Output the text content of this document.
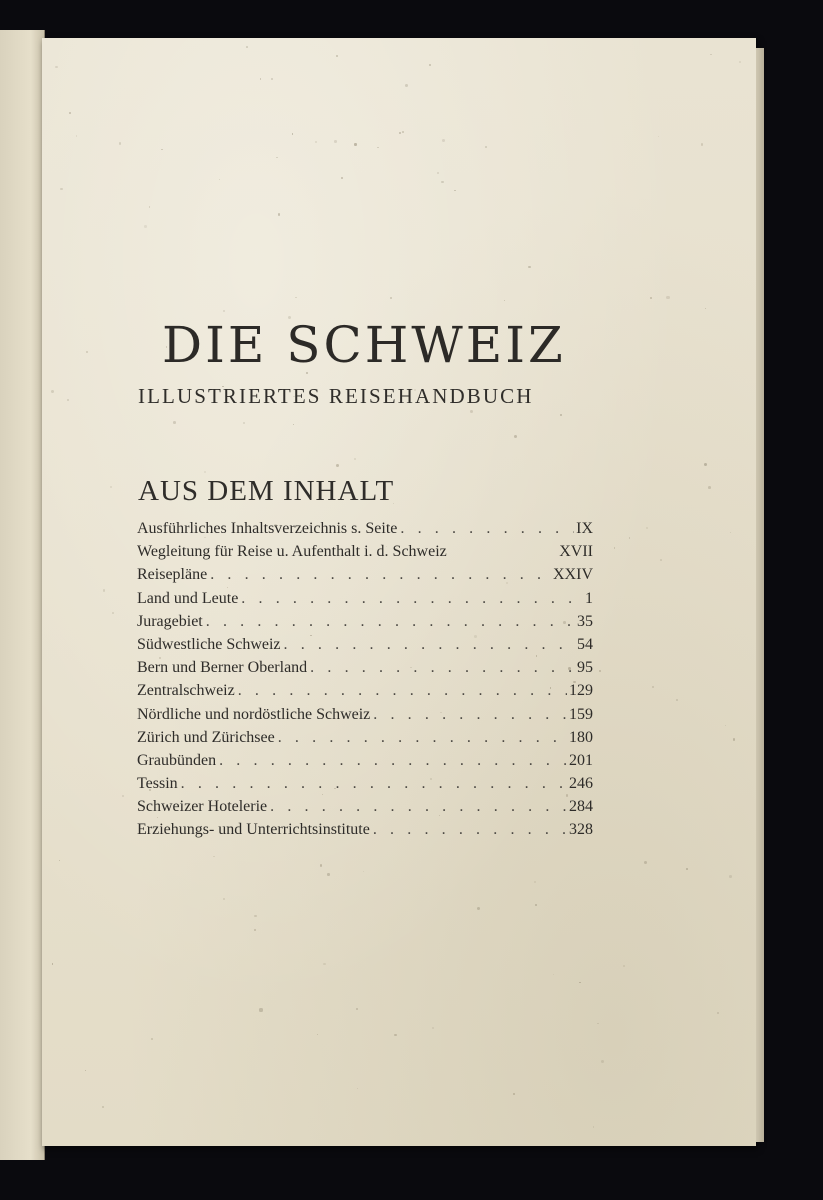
DIE SCHWEIZ
ILLUSTRIERTES REISEHANDBUCH
AUS DEM INHALT
Ausführliches Inhaltsverzeichnis s. Seite . . .	IX
Wegleitung für Reise u. Aufenthalt i. d. Schweiz	XVII
Reisepläne . . .	XXIV
Land und Leute . . .	1
Juragebiet . . .	35
Südwestliche Schweiz . . .	54
Bern und Berner Oberland . . .	95
Zentralschweiz . . .	129
Nördliche und nordöstliche Schweiz . . .	159
Zürich und Zürichsee . . .	180
Graubünden . . .	201
Tessin . . .	246
Schweizer Hotelerie . . .	284
Erziehungs- und Unterrichtsinstitute . . .	328
